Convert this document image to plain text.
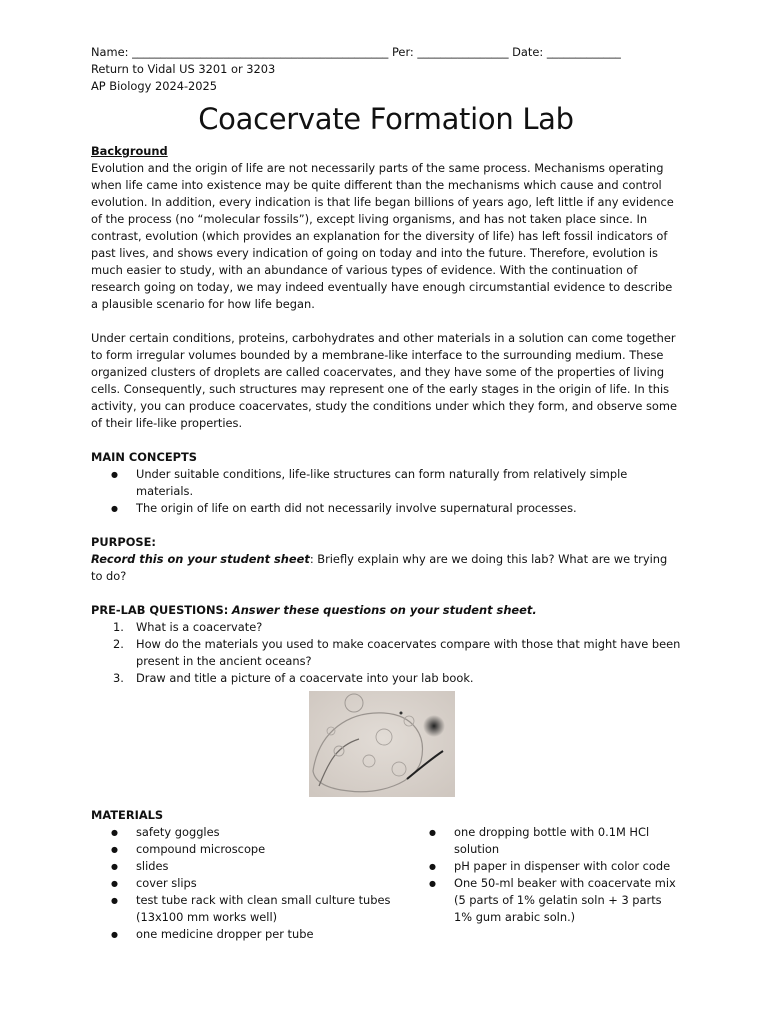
Name: _____________________________________________ Per: ________________ Date: _____________
Return to Vidal US 3201 or 3203
AP Biology 2024-2025
Coacervate Formation Lab
Background

Evolution and the origin of life are not necessarily parts of the same process. Mechanisms operating when life came into existence may be quite different than the mechanisms which cause and control evolution. In addition, every indication is that life began billions of years ago, left little if any evidence of the process (no “molecular fossils”), except living organisms, and has not taken place since. In contrast, evolution (which provides an explanation for the diversity of life) has left fossil indicators of past lives, and shows every indication of going on today and into the future. Therefore, evolution is much easier to study, with an abundance of various types of evidence. With the continuation of research going on today, we may indeed eventually have enough circumstantial evidence to describe a plausible scenario for how life began.

Under certain conditions, proteins, carbohydrates and other materials in a solution can come together to form irregular volumes bounded by a membrane-like interface to the surrounding medium. These organized clusters of droplets are called coacervates, and they have some of the properties of living cells. Consequently, such structures may represent one of the early stages in the origin of life. In this activity, you can produce coacervates, study the conditions under which they form, and observe some of their life-like properties.

MAIN CONCEPTS
● Under suitable conditions, life-like structures can form naturally from relatively simple materials.
● The origin of life on earth did not necessarily involve supernatural processes.
PURPOSE:

Record this on your student sheet: Briefly explain why are we doing this lab? What are we trying to do?

PRE-LAB QUESTIONS: Answer these questions on your student sheet.

1. What is a coacervate?
2. How do the materials you used to make coacervates compare with those that might have been present in the ancient oceans?
3. Draw and title a picture of a coacervate into your lab book.
MATERIALS
● safety goggles
● compound microscope
● slides
● cover slips
● test tube rack with clean small culture tubes (13x100 mm works well)
● one medicine dropper per tube
● one dropping bottle with 0.1M HCl solution
● pH paper in dispenser with color code
● One 50-ml beaker with coacervate mix (5 parts of 1% gelatin soln + 3 parts 1% gum arabic soln.)
